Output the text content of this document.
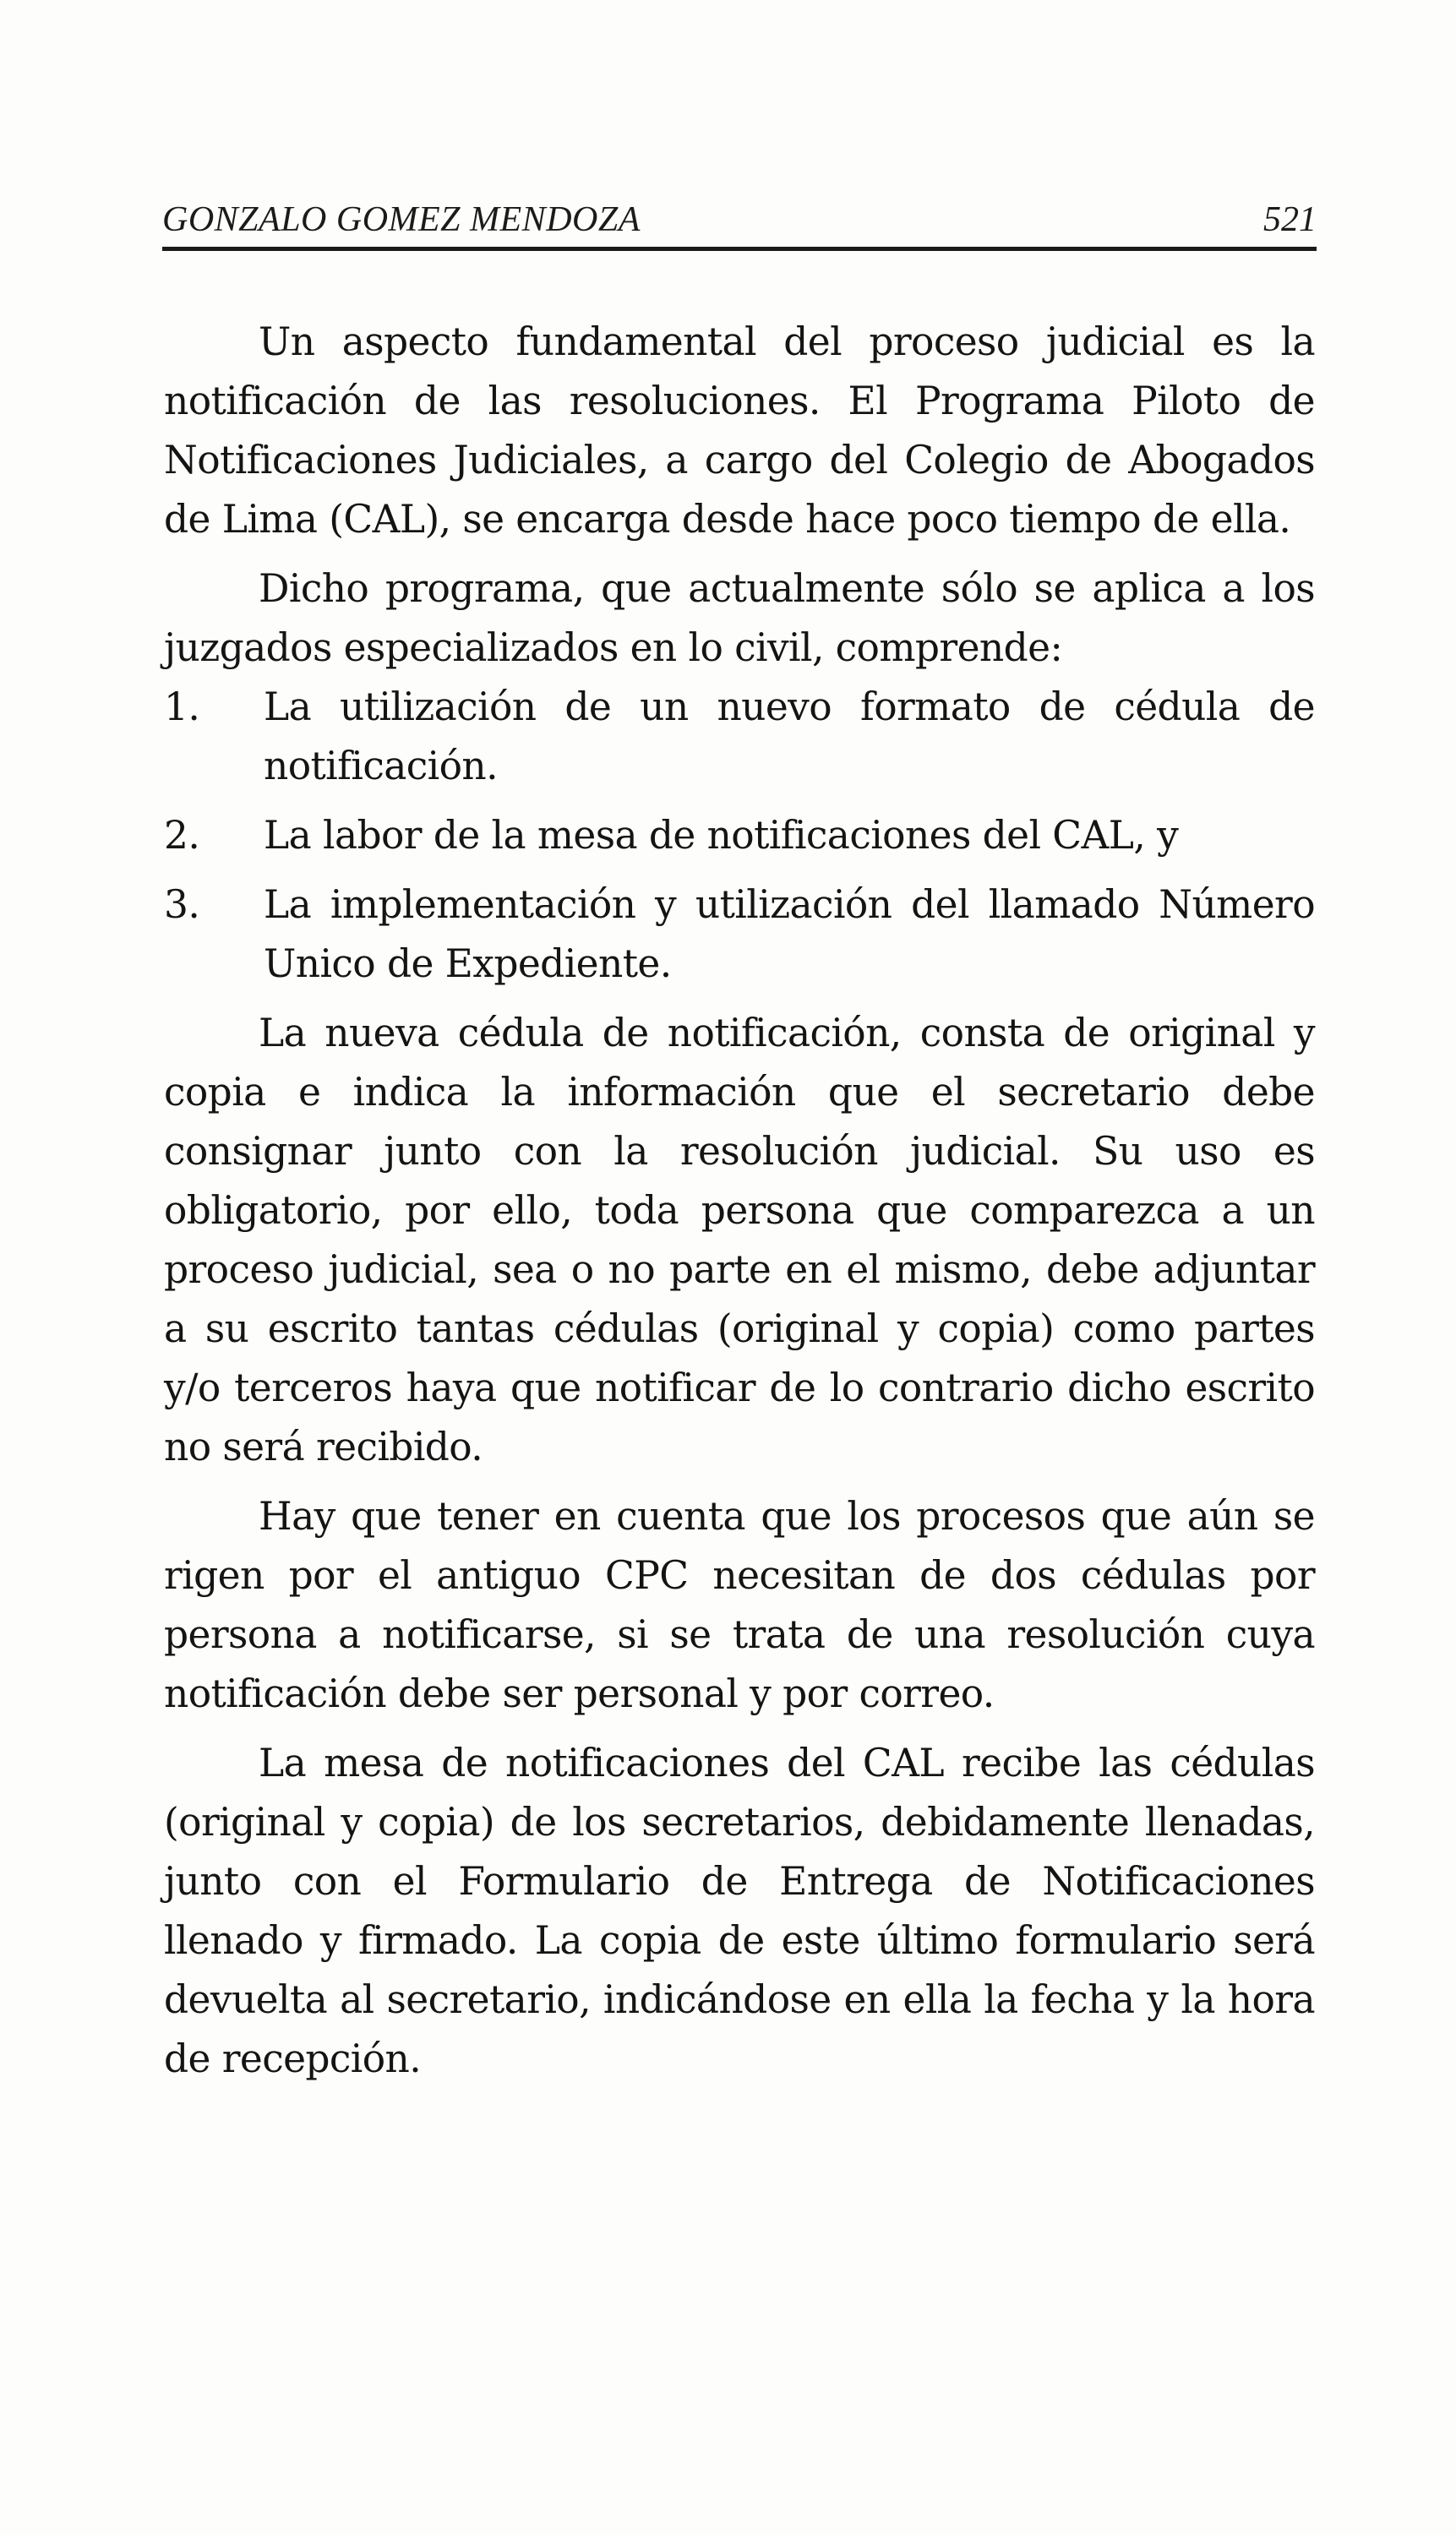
GONZALO GOMEZ MENDOZA	521

Un aspecto fundamental del proceso judicial es la notificación de las resoluciones. El Programa Piloto de Notificaciones Judiciales, a cargo del Colegio de Abogados de Lima (CAL), se encarga desde hace poco tiempo de ella.

Dicho programa, que actualmente sólo se aplica a los juzgados especializados en lo civil, comprende:

1. La utilización de un nuevo formato de cédula de notificación.
2. La labor de la mesa de notificaciones del CAL, y
3. La implementación y utilización del llamado Número Unico de Expediente.

La nueva cédula de notificación, consta de original y copia e indica la información que el secretario debe consignar junto con la resolución judicial. Su uso es obligatorio, por ello, toda persona que comparezca a un proceso judicial, sea o no parte en el mismo, debe adjuntar a su escrito tantas cédulas (original y copia) como partes y/o terceros haya que notificar de lo contrario dicho escrito no será recibido.

Hay que tener en cuenta que los procesos que aún se rigen por el antiguo CPC necesitan de dos cédulas por persona a notificarse, si se trata de una resolución cuya notificación debe ser personal y por correo.

La mesa de notificaciones del CAL recibe las cédulas (original y copia) de los secretarios, debidamente llenadas, junto con el Formulario de Entrega de Notificaciones llenado y firmado. La copia de este último formulario será devuelta al secretario, indicándose en ella la fecha y la hora de recepción.
